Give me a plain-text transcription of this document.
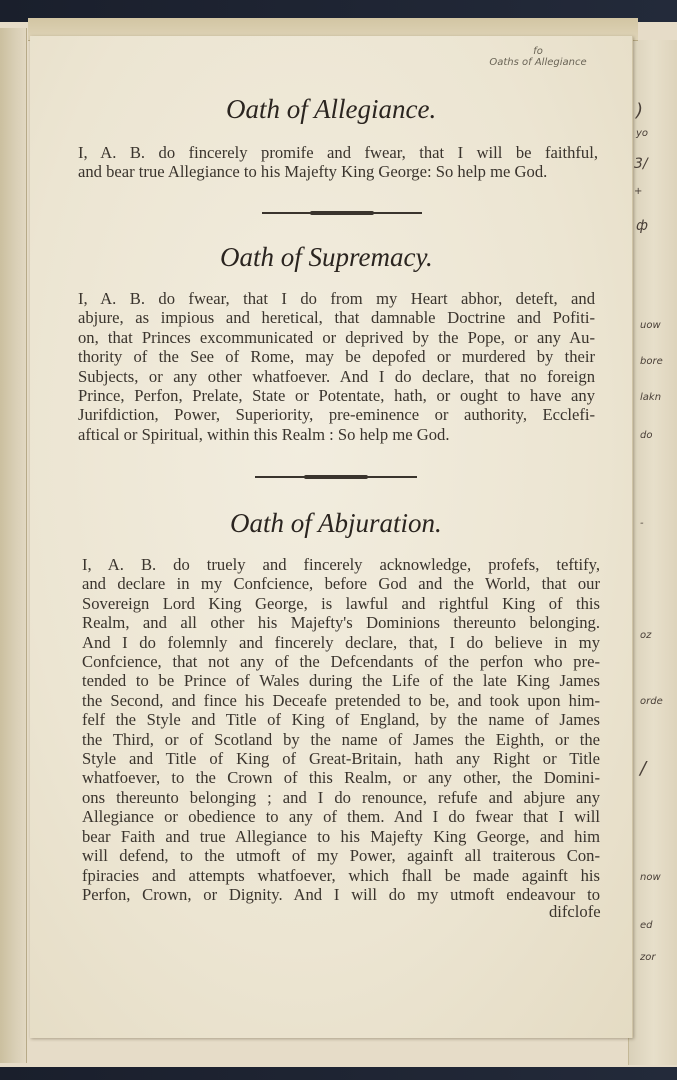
)
yo
3/
+
ф
uow
bore
lakn
do
-
oz
orde
/
now
ed
zor
fo
Oaths of Allegiance
Oath of Allegiance.
I, A. B. do fincerely promife and fwear, that I will be faithful,
and bear true Allegiance to his Majefty King George: So help me God.
Oath of Supremacy.
I, A. B. do fwear, that I do from my Heart abhor, deteft, and
abjure, as impious and heretical, that damnable Doctrine and Pofiti-
on, that Princes excommunicated or deprived by the Pope, or any Au-
thority of the See of Rome, may be depofed or murdered by their
Subjects, or any other whatfoever. And I do declare, that no foreign
Prince, Perfon, Prelate, State or Potentate, hath, or ought to have any
Jurifdiction, Power, Superiority, pre-eminence or authority, Ecclefi-
aftical or Spiritual, within this Realm : So help me God.
Oath of Abjuration.
I, A. B. do truely and fincerely acknowledge, profefs, teftify,
and declare in my Confcience, before God and the World, that our
Sovereign Lord King George, is lawful and rightful King of this
Realm, and all other his Majefty's Dominions thereunto belonging.
And I do folemnly and fincerely declare, that, I do believe in my
Confcience, that not any of the Defcendants of the perfon who pre-
tended to be Prince of Wales during the Life of the late King James
the Second, and fince his Deceafe pretended to be, and took upon him-
felf the Style and Title of King of England, by the name of James
the Third, or of Scotland by the name of James the Eighth, or the
Style and Title of King of Great-Britain, hath any Right or Title
whatfoever, to the Crown of this Realm, or any other, the Domini-
ons thereunto belonging ; and I do renounce, refufe and abjure any
Allegiance or obedience to any of them. And I do fwear that I will
bear Faith and true Allegiance to his Majefty King George, and him
will defend, to the utmoft of my Power, againft all traiterous Con-
fpiracies and attempts whatfoever, which fhall be made againft his
Perfon, Crown, or Dignity. And I will do my utmoft endeavour to
difclofe
